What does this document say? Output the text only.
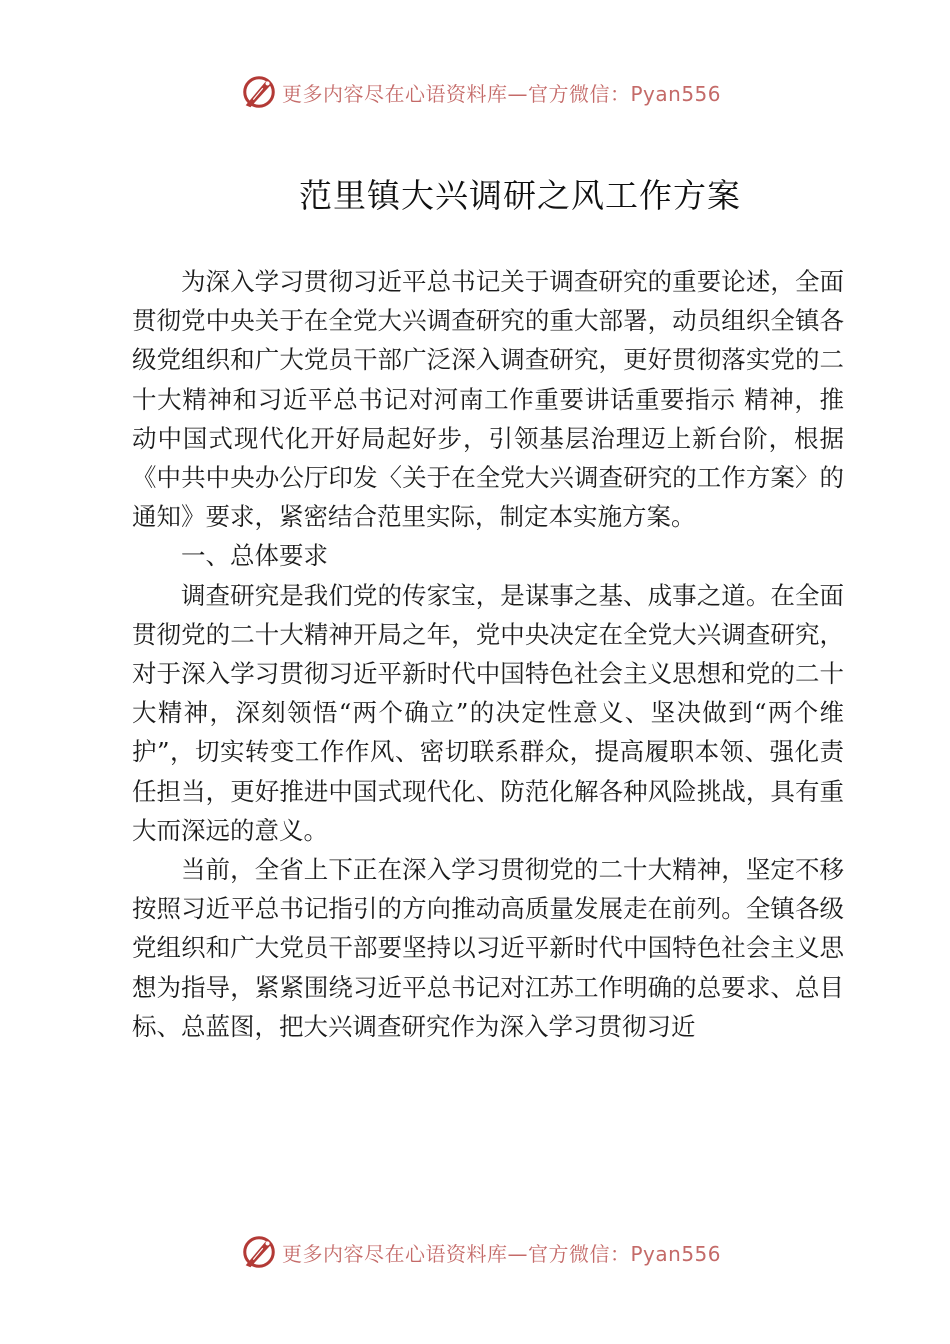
更多内容尽在心语资料库—官方微信：Pyan556
范里镇大兴调研之风工作方案

为深入学习贯彻习近平总书记关于调查研究的重要论述，全面贯彻党中央关于在全党大兴调查研究的重大部署，动员组织全镇各级党组织和广大党员干部广泛深入调查研究，更好贯彻落实党的二十大精神和习近平总书记对河南工作重要讲话重要指示 精神，推动中国式现代化开好局起好步，引领基层治理迈上新台阶，根据《中共中央办公厅印发〈关于在全党大兴调查研究的工作方案〉的通知》要求，紧密结合范里实际，制定本实施方案。

一、总体要求

调查研究是我们党的传家宝，是谋事之基、成事之道。在全面贯彻党的二十大精神开局之年，党中央决定在全党大兴调查研究，对于深入学习贯彻习近平新时代中国特色社会主义思想和党的二十大精神，深刻领悟“两个确立”的决定性意义、坚决做到“两个维护”，切实转变工作作风、密切联系群众，提高履职本领、强化责任担当，更好推进中国式现代化、防范化解各种风险挑战，具有重大而深远的意义。

当前，全省上下正在深入学习贯彻党的二十大精神，坚定不移按照习近平总书记指引的方向推动高质量发展走在前列。全镇各级党组织和广大党员干部要坚持以习近平新时代中国特色社会主义思想为指导，紧紧围绕习近平总书记对江苏工作明确的总要求、总目标、总蓝图，把大兴调查研究作为深入学习贯彻习近

更多内容尽在心语资料库—官方微信：Pyan556
